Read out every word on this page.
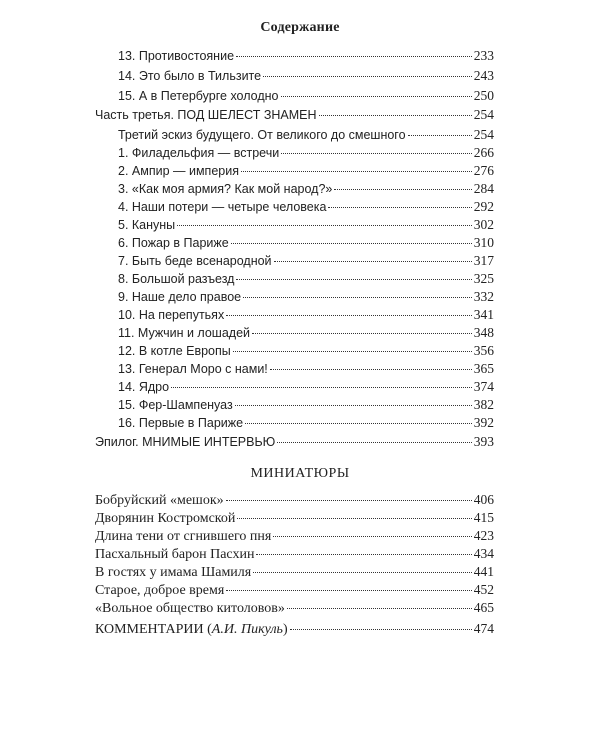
Содержание
13. Противостояние	233
14. Это было в Тильзите	243
15. А в Петербурге холодно	250
Часть третья. ПОД ШЕЛЕСТ ЗНАМЕН	254
Третий эскиз будущего. От великого до смешного	254
1. Филадельфия — встречи	266
2. Ампир — империя	276
3. «Как моя армия? Как мой народ?»	284
4. Наши потери — четыре человека	292
5. Кануны	302
6. Пожар в Париже	310
7. Быть беде всенародной	317
8. Большой разъезд	325
9. Наше дело правое	332
10. На перепутьях	341
11. Мужчин и лошадей	348
12. В котле Европы	356
13. Генерал Моро с нами!	365
14. Ядро	374
15. Фер-Шампенуаз	382
16. Первые в Париже	392
Эпилог. МНИМЫЕ ИНТЕРВЬЮ	393
МИНИАТЮРЫ
Бобруйский «мешок»	406
Дворянин Костромской	415
Длина тени от сгнившего пня	423
Пасхальный барон Пасхин	434
В гостях у имама Шамиля	441
Старое, доброе время	452
«Вольное общество китоловов»	465
КОММЕНТАРИИ (А.И. Пикуль)	474
